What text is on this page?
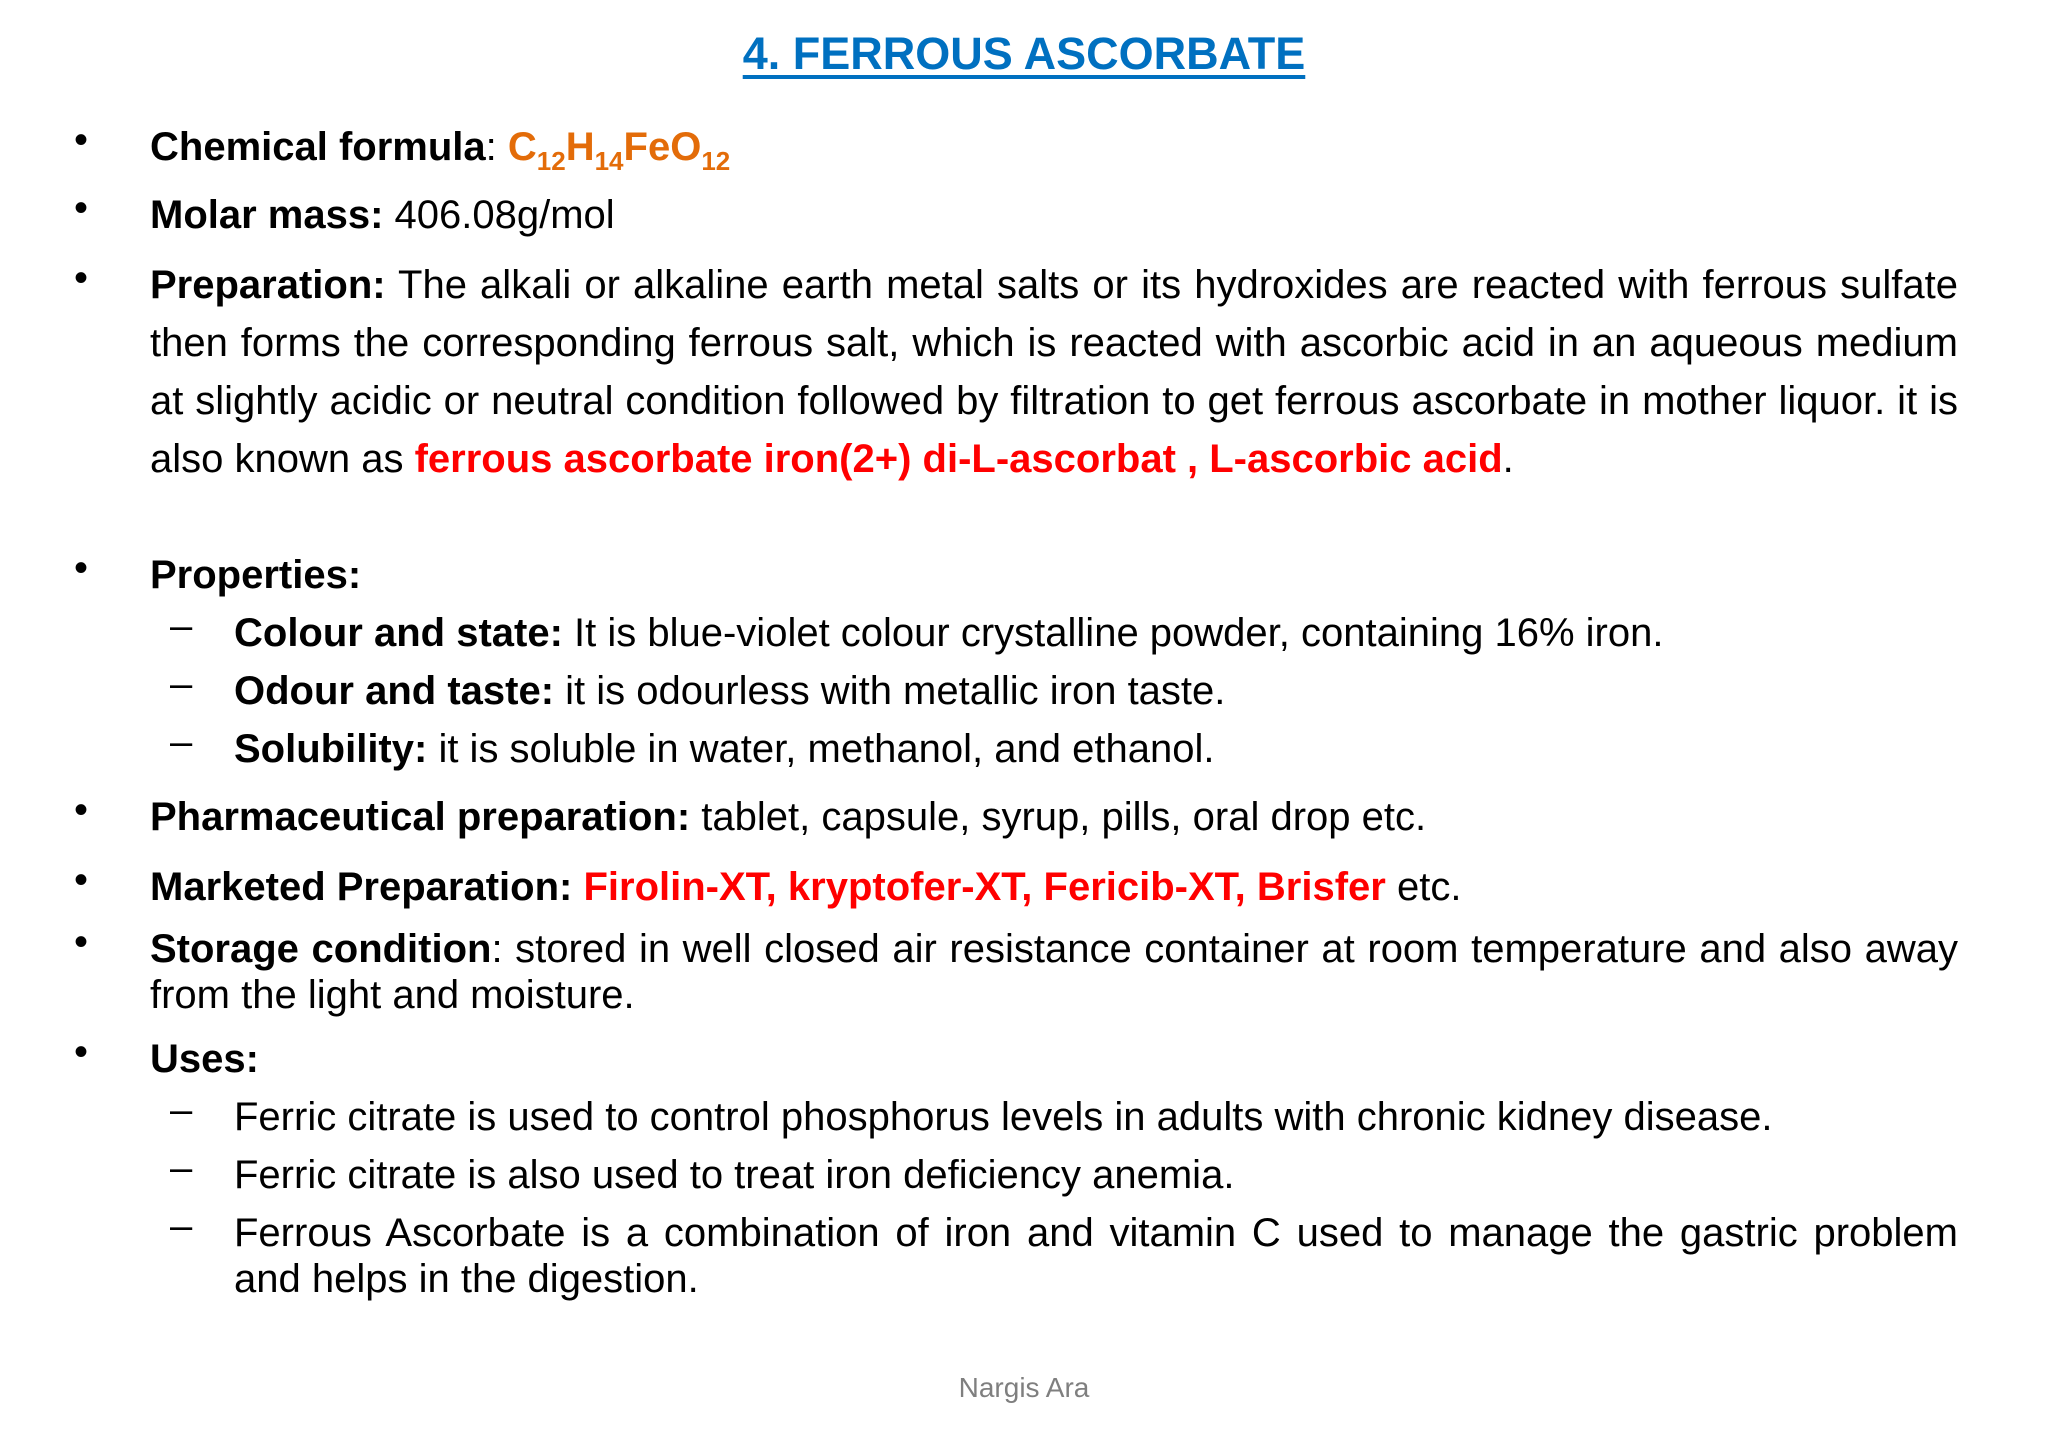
4. FERROUS ASCORBATE
• Chemical formula: $C_{12}H_{14}FeO_{12}$
• Molar mass: 406.08g/mol
• Preparation: The alkali or alkaline earth metal salts or its hydroxides are reacted with ferrous sulfate then forms the corresponding ferrous salt, which is reacted with ascorbic acid in an aqueous medium at slightly acidic or neutral condition followed by filtration to get ferrous ascorbate in mother liquor. it is also known as ferrous ascorbate iron(2+) di-L-ascorbat , L-ascorbic acid.
• Properties:
– Colour and state: It is blue-violet colour crystalline powder, containing 16% iron.
– Odour and taste: it is odourless with metallic iron taste.
– Solubility: it is soluble in water, methanol, and ethanol.
• Pharmaceutical preparation: tablet, capsule, syrup, pills, oral drop etc.
• Marketed Preparation: Firolin-XT, kryptofer-XT, Fericib-XT, Brisfer etc.
• Storage condition: stored in well closed air resistance container at room temperature and also away from the light and moisture.
• Uses:
– Ferric citrate is used to control phosphorus levels in adults with chronic kidney disease.
– Ferric citrate is also used to treat iron deficiency anemia.
– Ferrous Ascorbate is a combination of iron and vitamin C used to manage the gastric problem and helps in the digestion.
Nargis Ara
